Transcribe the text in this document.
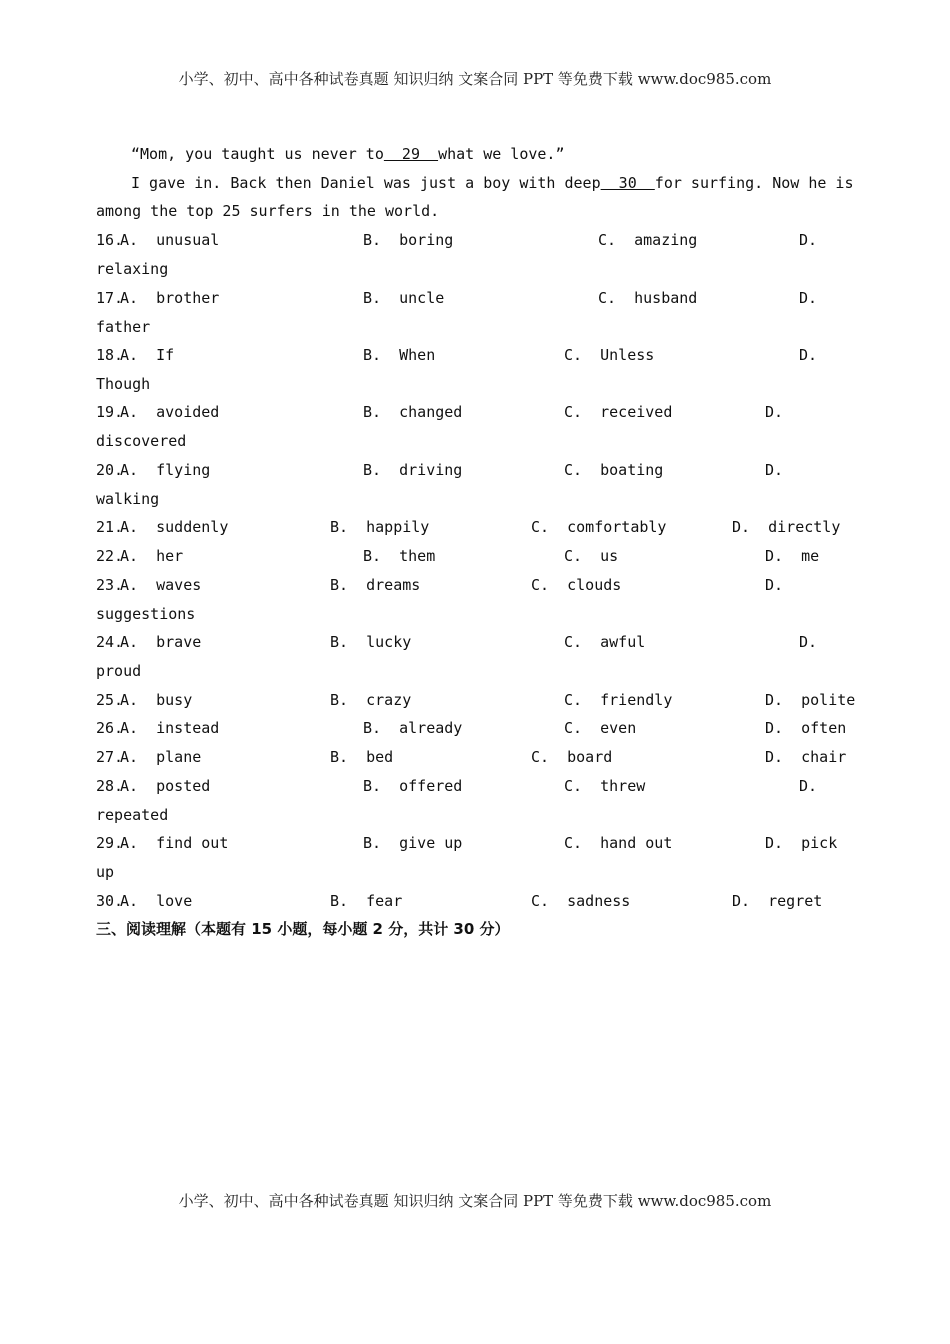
小学、初中、高中各种试卷真题 知识归纳 文案合同 PPT 等免费下载 www.doc985.com
“Mom, you taught us never to  29  what we love.”
I gave in. Back then Daniel was just a boy with deep  30  for surfing. Now he is
among the top 25 surfers in the world.
16.
A.  unusual	B.  boring	C.  amazing	D.
relaxing
17.
A.  brother	B.  uncle	C.  husband	D.
father
18.
A.  If	B.  When	C.  Unless	D.
Though
19.
A.  avoided	B.  changed	C.  received	D.
discovered
20.
A.  flying	B.  driving	C.  boating	D.
walking
21.
A.  suddenly	B.  happily	C.  comfortably	D.  directly
22.
A.  her	B.  them	C.  us	D.  me
23.
A.  waves	B.  dreams	C.  clouds	D.
suggestions
24.
A.  brave	B.  lucky	C.  awful	D.
proud
25.
A.  busy	B.  crazy	C.  friendly	D.  polite
26.
A.  instead	B.  already	C.  even	D.  often
27.
A.  plane	B.  bed	C.  board	D.  chair
28.
A.  posted	B.  offered	C.  threw	D.
repeated
29.
A.  find out	B.  give up	C.  hand out	D.  pick
up
30.
A.  love	B.  fear	C.  sadness	D.  regret
三、阅读理解（本题有 15 小题，每小题 2 分，共计 30 分）
小学、初中、高中各种试卷真题 知识归纳 文案合同 PPT 等免费下载 www.doc985.com
